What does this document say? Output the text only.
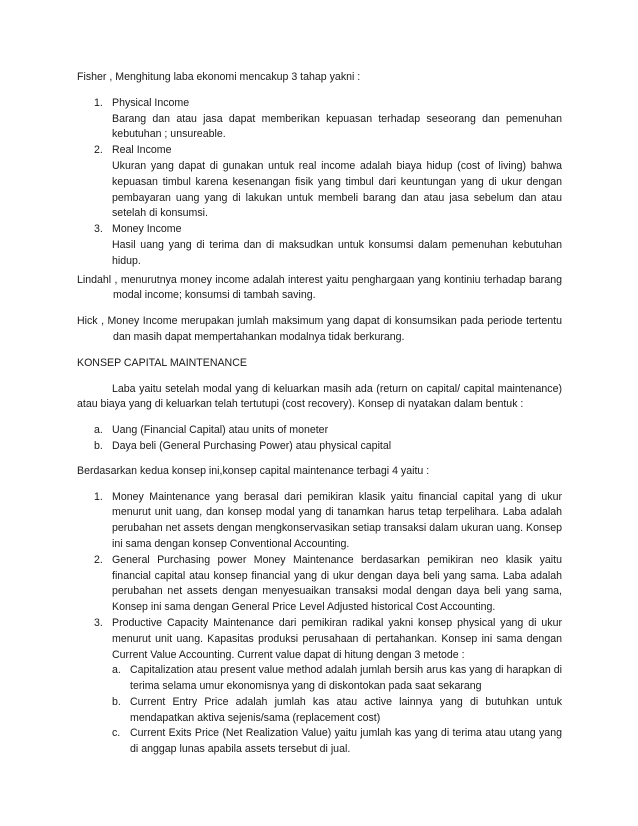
Fisher , Menghitung laba ekonomi mencakup 3 tahap yakni :

1. Physical Income

Barang dan atau jasa dapat memberikan kepuasan terhadap seseorang dan pemenuhan kebutuhan ; unsureable.

2. Real Income

Ukuran yang dapat di gunakan untuk real income adalah biaya hidup (cost of living) bahwa kepuasan timbul karena kesenangan fisik yang timbul dari keuntungan yang di ukur dengan pembayaran uang yang di lakukan untuk membeli barang dan atau jasa sebelum dan atau setelah di konsumsi.

3. Money Income

Hasil uang yang di terima dan di maksudkan untuk konsumsi dalam pemenuhan kebutuhan hidup.

Lindahl , menurutnya money income adalah interest yaitu penghargaan yang kontiniu terhadap barang modal income; konsumsi di tambah saving.

Hick , Money Income merupakan jumlah maksimum yang dapat di konsumsikan pada periode tertentu dan masih dapat mempertahankan modalnya tidak berkurang.

KONSEP CAPITAL MAINTENANCE

Laba yaitu setelah modal yang di keluarkan masih ada (return on capital/ capital maintenance) atau biaya yang di keluarkan telah tertutupi (cost recovery). Konsep di nyatakan dalam bentuk :

a. Uang (Financial Capital) atau units of moneter

b. Daya beli (General Purchasing Power) atau physical capital

Berdasarkan kedua konsep ini,konsep capital maintenance terbagi 4 yaitu :

1. Money Maintenance yang berasal dari pemikiran klasik yaitu financial capital yang di ukur menurut unit uang, dan konsep modal yang di tanamkan harus tetap terpelihara. Laba adalah perubahan net assets dengan mengkonservasikan setiap transaksi dalam ukuran uang. Konsep ini sama dengan konsep Conventional Accounting.

2. General Purchasing power Money Maintenance berdasarkan pemikiran neo klasik yaitu financial capital atau konsep financial yang di ukur dengan daya beli yang sama. Laba adalah perubahan net assets dengan menyesuaikan transaksi modal dengan daya beli yang sama, Konsep ini sama dengan General Price Level Adjusted historical Cost Accounting.

3. Productive Capacity Maintenance dari pemikiran radikal yakni konsep physical yang di ukur menurut unit uang. Kapasitas produksi perusahaan di pertahankan. Konsep ini sama dengan Current Value Accounting. Current value dapat di hitung dengan 3 metode :

a. Capitalization atau present value method adalah jumlah bersih arus kas yang di harapkan di terima selama umur ekonomisnya yang di diskontokan pada saat sekarang

b. Current Entry Price adalah jumlah kas atau active lainnya yang di butuhkan untuk mendapatkan aktiva sejenis/sama (replacement cost)

c. Current Exits Price (Net Realization Value) yaitu jumlah kas yang di terima atau utang yang di anggap lunas apabila assets tersebut di jual.
